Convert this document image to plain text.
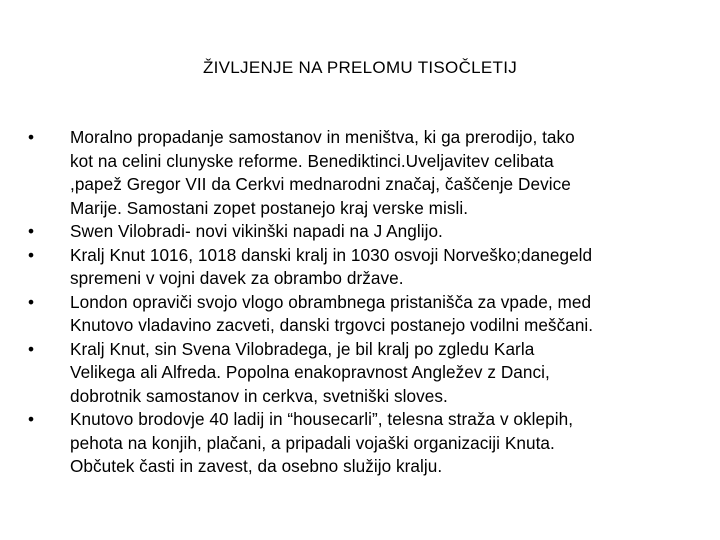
ŽIVLJENJE NA PRELOMU TISOČLETIJ
•	Moralno propadanje samostanov in meništva, ki ga prerodijo, tako
kot na celini clunyske reforme. Benediktinci.Uveljavitev celibata
,papež Gregor VII da Cerkvi mednarodni značaj, čaščenje Device
Marije. Samostani zopet postanejo kraj verske misli.
•	Swen Vilobradi- novi vikinški napadi na J Anglijo.
•	Kralj Knut 1016, 1018 danski kralj in 1030 osvoji Norveško;danegeld
spremeni v vojni davek za obrambo države.
•	London opraviči svojo vlogo obrambnega pristanišča za vpade, med
Knutovo vladavino zacveti, danski trgovci postanejo vodilni meščani.
•	Kralj Knut, sin Svena Vilobradega, je bil kralj po zgledu Karla
Velikega ali Alfreda. Popolna enakopravnost Angležev z Danci,
dobrotnik samostanov in cerkva, svetniški sloves.
•	Knutovo brodovje 40 ladij in “housecarli”, telesna straža v oklepih,
pehota na konjih, plačani, a pripadali vojaški organizaciji Knuta.
Občutek časti in zavest, da osebno služijo kralju.
